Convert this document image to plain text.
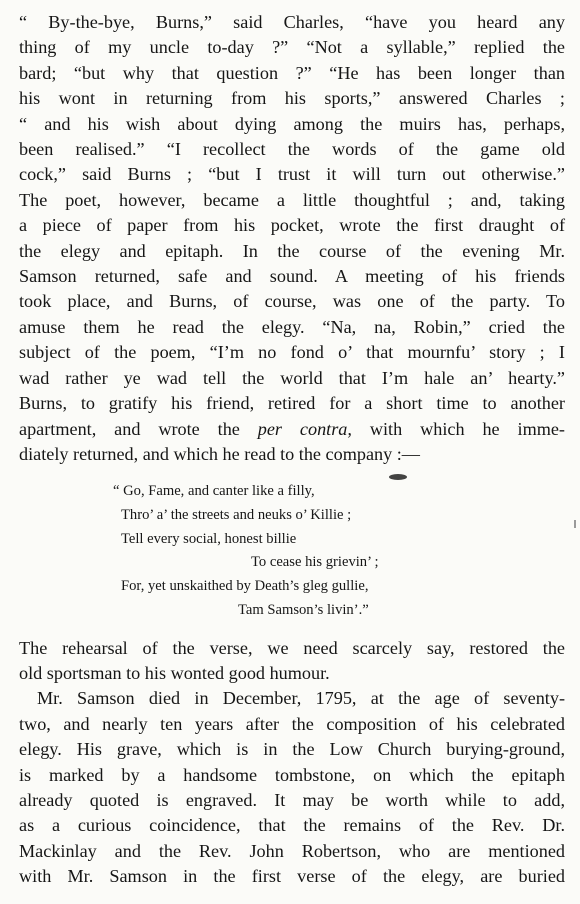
“ By-the-bye, Burns,” said Charles, “have you heard any
thing of my uncle to-day ?” “Not a syllable,” replied the
bard; “but why that question ?” “He has been longer than
his wont in returning from his sports,” answered Charles ;
“ and his wish about dying among the muirs has, perhaps,
been realised.” “I recollect the words of the game old
cock,” said Burns ; “but I trust it will turn out otherwise.”
The poet, however, became a little thoughtful ; and, taking
a piece of paper from his pocket, wrote the first draught of
the elegy and epitaph. In the course of the evening Mr.
Samson returned, safe and sound. A meeting of his friends
took place, and Burns, of course, was one of the party. To
amuse them he read the elegy. “Na, na, Robin,” cried the
subject of the poem, “I’m no fond o’ that mournfu’ story ; I
wad rather ye wad tell the world that I’m hale an’ hearty.”
Burns, to gratify his friend, retired for a short time to another
apartment, and wrote the per contra, with which he imme-
diately returned, and which he read to the company :—

“ Go, Fame, and canter like a filly,
Thro’ a’ the streets and neuks o’ Killie ;
Tell every social, honest billie
To cease his grievin’ ;
For, yet unskaithed by Death’s gleg gullie,
Tam Samson’s livin’.”

The rehearsal of the verse, we need scarcely say, restored the
old sportsman to his wonted good humour.

Mr. Samson died in December, 1795, at the age of seventy-
two, and nearly ten years after the composition of his celebrated
elegy. His grave, which is in the Low Church burying-ground,
is marked by a handsome tombstone, on which the epitaph
already quoted is engraved. It may be worth while to add,
as a curious coincidence, that the remains of the Rev. Dr.
Mackinlay and the Rev. John Robertson, who are mentioned
with Mr. Samson in the first verse of the elegy, are buried
